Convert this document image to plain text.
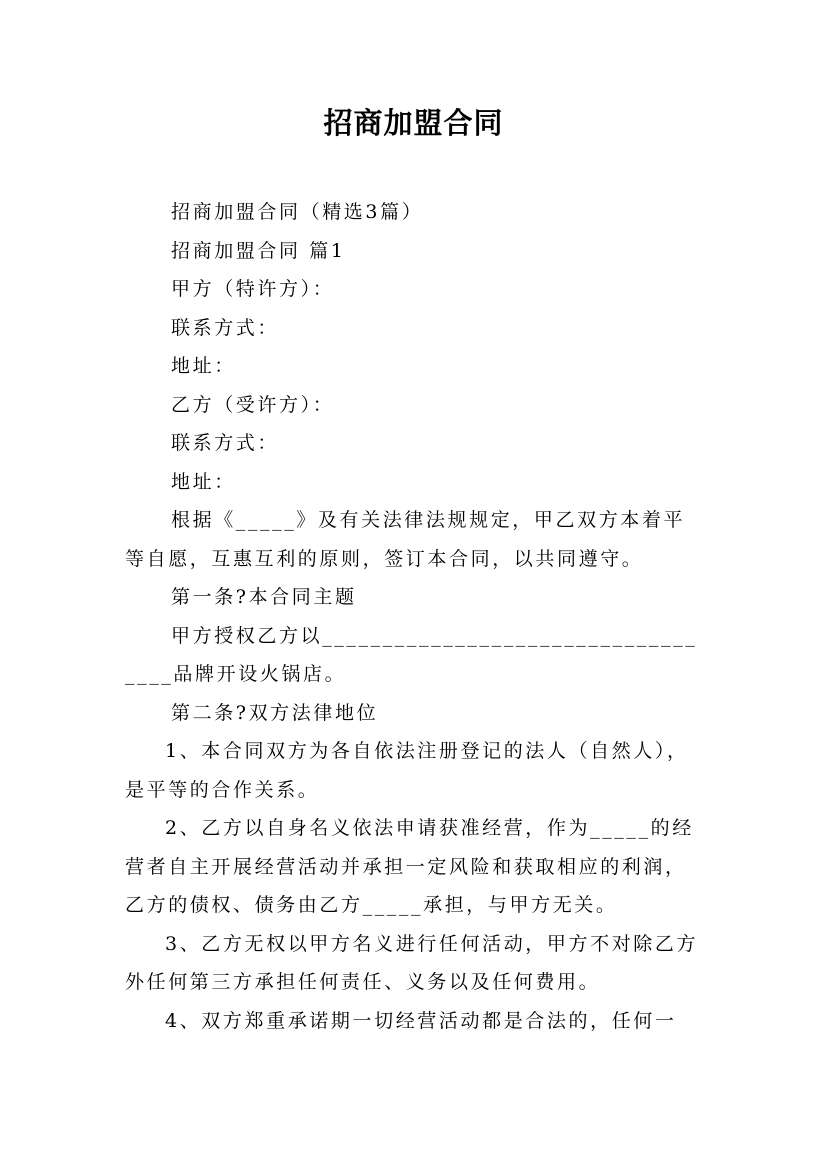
招商加盟合同

招商加盟合同（精选3篇）

招商加盟合同 篇1

甲方（特许方）：

联系方式：

地址：

乙方（受许方）：

联系方式：

地址：

根据《_____》及有关法律法规规定，甲乙双方本着平等自愿，互惠互利的原则，签订本合同，以共同遵守。

第一条?本合同主题

甲方授权乙方以___________________________________品牌开设火锅店。

第二条?双方法律地位

1、本合同双方为各自依法注册登记的法人（自然人），是平等的合作关系。

2、乙方以自身名义依法申请获准经营，作为_____的经营者自主开展经营活动并承担一定风险和获取相应的利润，乙方的债权、债务由乙方_____承担，与甲方无关。

3、乙方无权以甲方名义进行任何活动，甲方不对除乙方外任何第三方承担任何责任、义务以及任何费用。

4、双方郑重承诺期一切经营活动都是合法的，任何一
